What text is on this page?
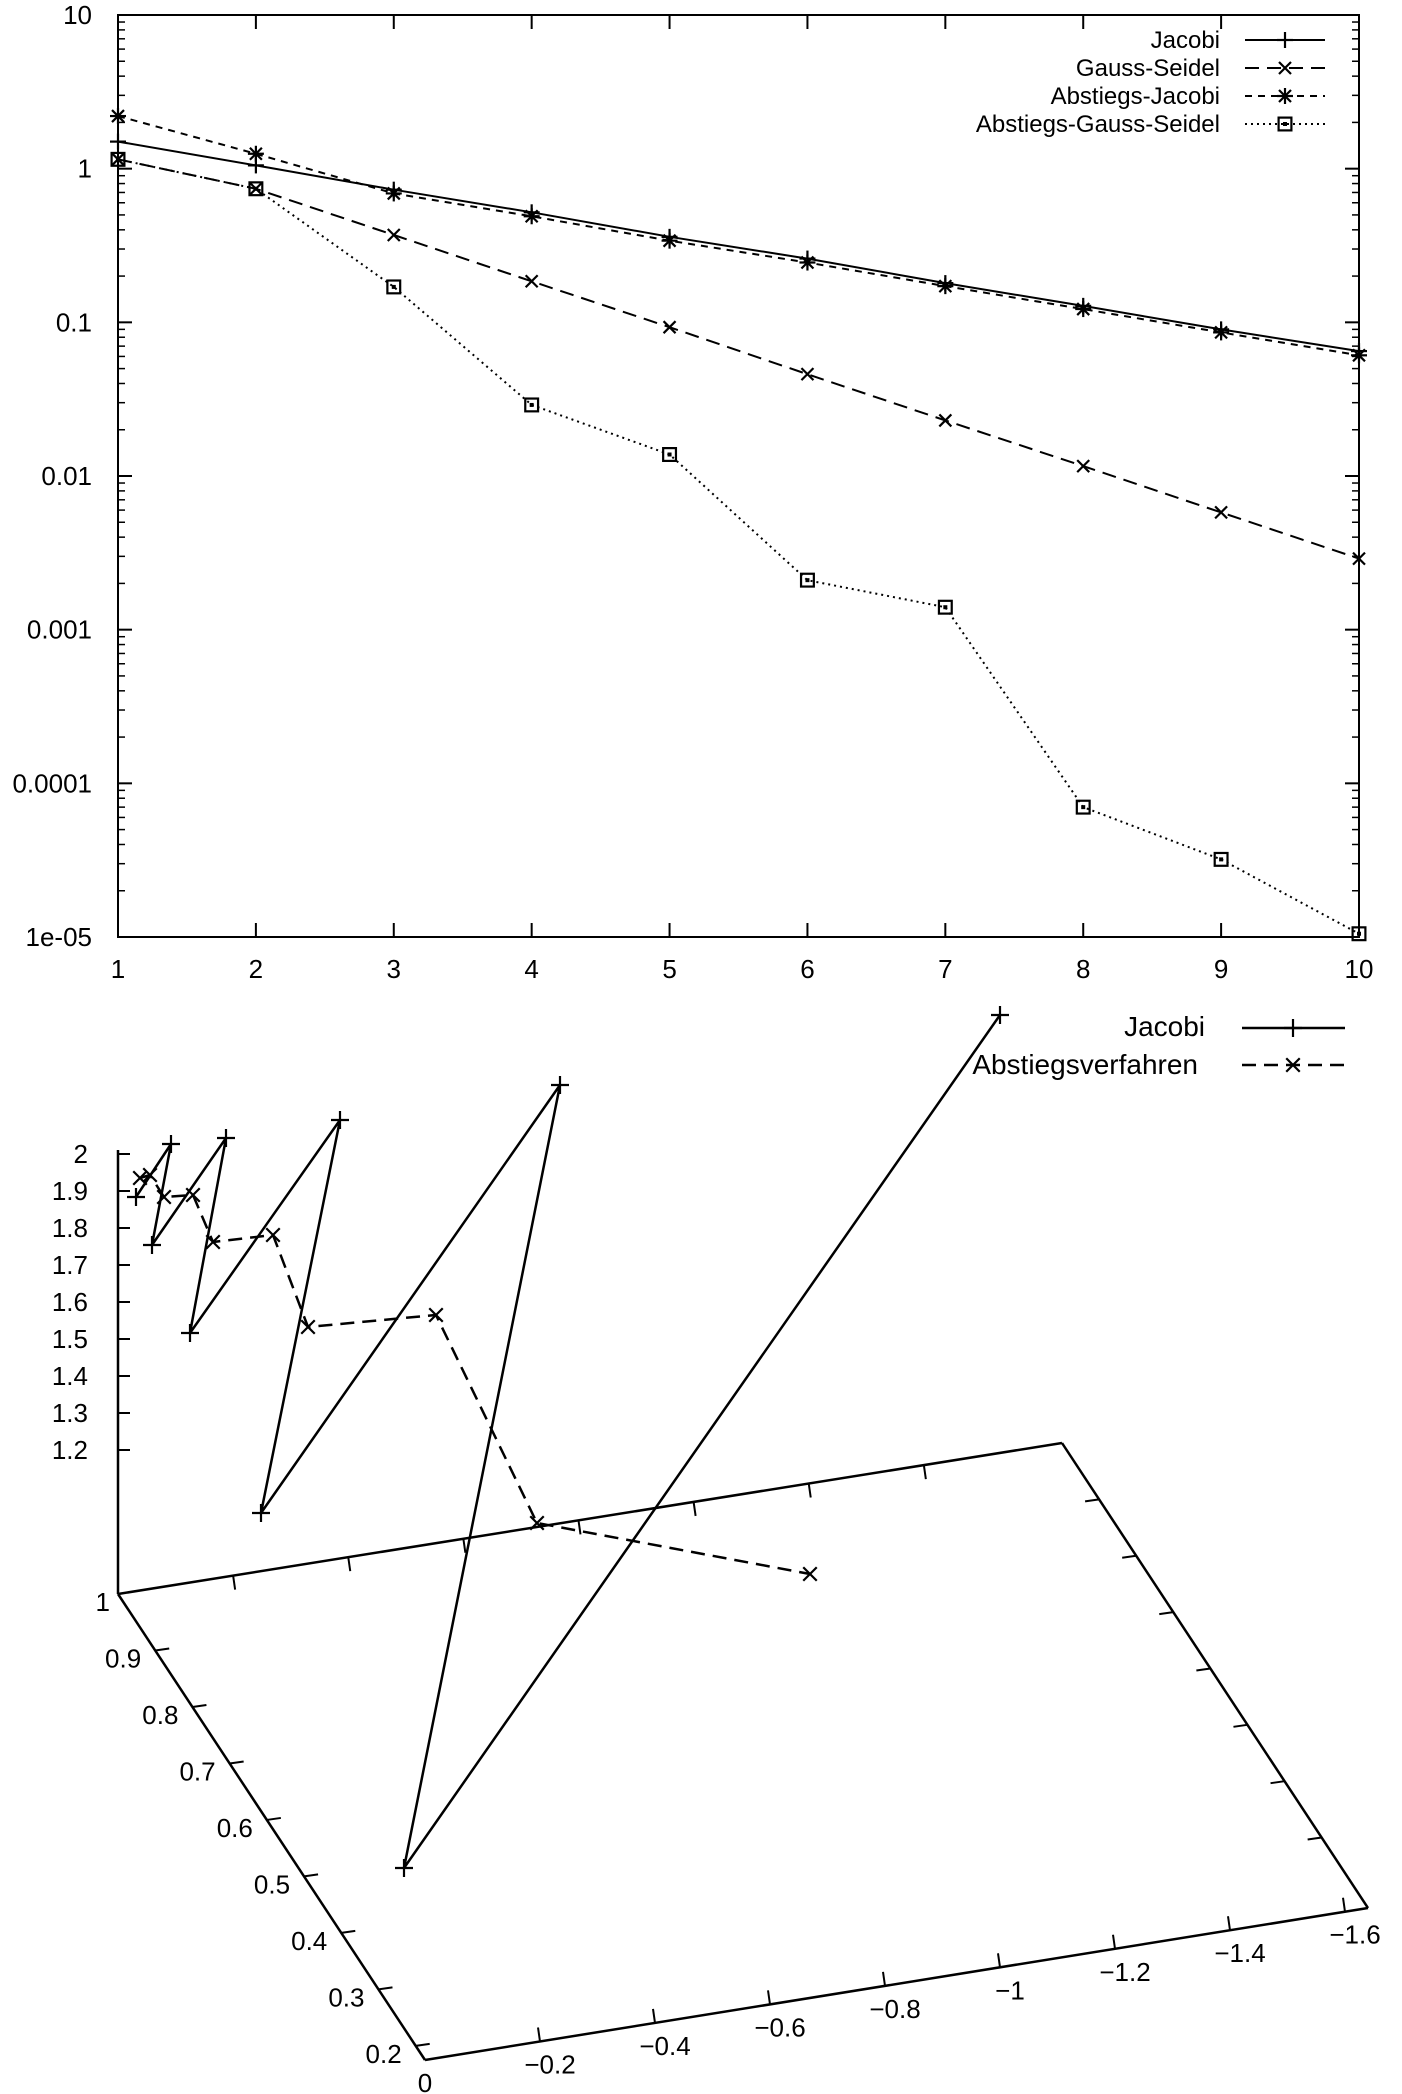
10
1
0.1
0.01
0.001
0.0001
1e-05
1	2	3	4	5	6	7	8	9	10
Jacobi
Gauss-Seidel
Abstiegs-Jacobi
Abstiegs-Gauss-Seidel
2
1.9
1.8
1.7
1.6
1.5
1.4
1.3
1.2
1
0.9
0.8
0.7
0.6
0.5
0.4
0.3
0.2
0
−0.2
−0.4
−0.6
−0.8
−1
−1.2
−1.4
−1.6
Jacobi
Abstiegsverfahren
